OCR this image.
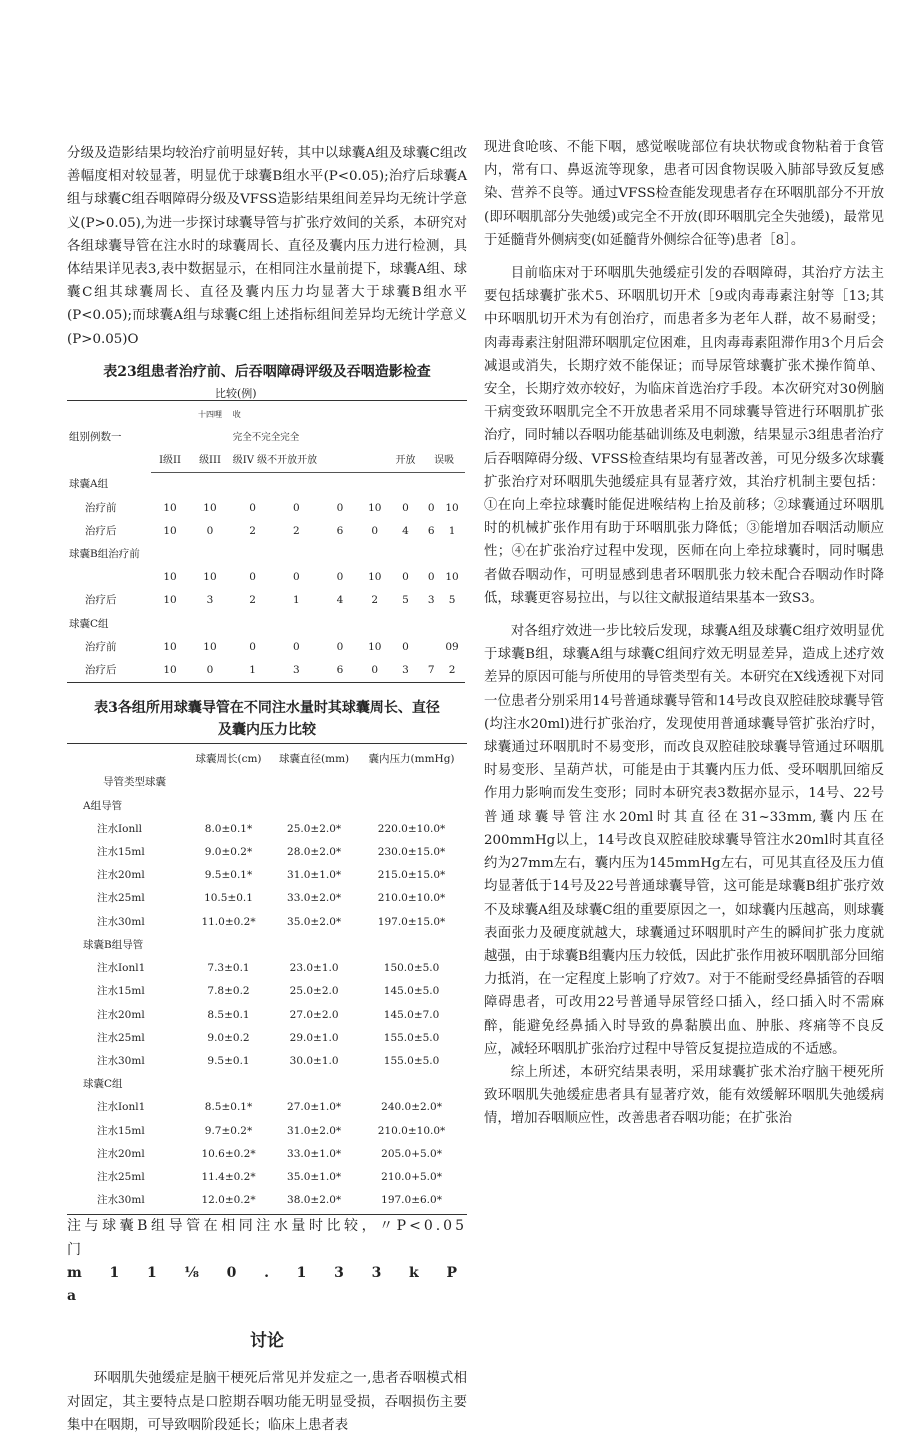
分级及造影结果均较治疗前明显好转，其中以球囊A组及球囊C组改善幅度相对较显著，明显优于球囊B组水平(P<0.05);治疗后球囊A组与球囊C组吞咽障碍分级及VFSS造影结果组间差异均无统计学意义(P>0.05),为进一步探讨球囊导管与扩张疗效间的关系，本研究对各组球囊导管在注水时的球囊周长、直径及囊内压力进行检测，具体结果详见表3,表中数据显示，在相同注水量前提下，球囊A组、球囊C组其球囊周长、直径及囊内压力均显著大于球囊B组水平(P<0.05);而球囊A组与球囊C组上述指标组间差异均无统计学意义(P>0.05)O

表23组患者治疗前、后吞咽障碍评级及吞咽造影检查

比较(例)
组别例数一		十四哩	收						
			完全不完全完全						
	I级II	级III	级IV 级不开放开放				开放	误吸	
球囊A组									
治疗前	10	10	0	0	0	10	0	0	10
治疗后	10	0	2	2	6	0	4	6	1
球囊B组治疗前									
	10	10	0	0	0	10	0	0	10
治疗后	10	3	2	1	4	2	5	3	5
球囊C组									
治疗前	10	10	0	0	0	10	0		09
治疗后	10	0	1	3	6	0	3	7	2

表3各组所用球囊导管在不同注水量时其球囊周长、直径

及囊内压力比较

	球囊周长(cm)	球囊直径(mm)	囊内压力(mmHg)
导管类型球囊			
A组导管			
注水Ionll	8.0±0.1*	25.0±2.0*	220.0±10.0*
注水15ml	9.0±0.2*	28.0±2.0*	230.0±15.0*
注水20ml	9.5±0.1*	31.0±1.0*	215.0±15.0*
注水25ml	10.5±0.1	33.0±2.0*	210.0±10.0*
注水30ml	11.0±0.2*	35.0±2.0*	197.0±15.0*
球囊B组导管			
注水Ionl1	7.3±0.1	23.0±1.0	150.0±5.0
注水15ml	7.8±0.2	25.0±2.0	145.0±5.0
注水20ml	8.5±0.1	27.0±2.0	145.0±7.0
注水25ml	9.0±0.2	29.0±1.0	155.0±5.0
注水30ml	9.5±0.1	30.0±1.0	155.0±5.0
球囊C组			
注水Ionl1	8.5±0.1*	27.0±1.0*	240.0±2.0*
注水15ml	9.7±0.2*	31.0±2.0*	210.0±10.0*
注水20ml	10.6±0.2*	33.0±1.0*	205.0+5.0*
注水25ml	11.4±0.2*	35.0±1.0*	210.0+5.0*
注水30ml	12.0±0.2*	38.0±2.0*	197.0±6.0*

注与球囊B组导管在相同注水量时比较，〃P<0.05门

m 1 1 ⅛ 0 . 1 3 3 k P a

讨论

环咽肌失弛缓症是脑干梗死后常见并发症之一,患者吞咽模式相对固定，其主要特点是口腔期吞咽功能无明显受损，吞咽损伤主要集中在咽期，可导致咽阶段延长；临床上患者表

现进食呛咳、不能下咽，感觉喉咙部位有块状物或食物粘着于食管内，常有口、鼻返流等现象，患者可因食物误吸入肺部导致反复感染、营养不良等。通过VFSS检查能发现患者存在环咽肌部分不开放(即环咽肌部分失弛缓)或完全不开放(即环咽肌完全失弛缓)，最常见于延髓背外侧病变(如延髓背外侧综合征等)患者［8］。

目前临床对于环咽肌失弛缓症引发的吞咽障碍，其治疗方法主要包括球囊扩张术5、环咽肌切开术［9或肉毒毒素注射等［13;其中环咽肌切开术为有创治疗，而患者多为老年人群，故不易耐受；肉毒毒素注射阻滞环咽肌定位困难，且肉毒毒素阻滞作用3个月后会减退或消失，长期疗效不能保证；而导尿管球囊扩张术操作简单、安全，长期疗效亦较好，为临床首选治疗手段。本次研究对30例脑干病变致环咽肌完全不开放患者采用不同球囊导管进行环咽肌扩张治疗，同时辅以吞咽功能基础训练及电刺激，结果显示3组患者治疗后吞咽障碍分级、VFSS检查结果均有显著改善，可见分级多次球囊扩张治疗对环咽肌失弛缓症具有显著疗效，其治疗机制主要包括：①在向上牵拉球囊时能促进喉结构上抬及前移；②球囊通过环咽肌时的机械扩张作用有助于环咽肌张力降低；③能增加吞咽活动顺应性；④在扩张治疗过程中发现，医师在向上牵拉球囊时，同时嘱患者做吞咽动作，可明显感到患者环咽肌张力较未配合吞咽动作时降低，球囊更容易拉出，与以往文献报道结果基本一致S3。

对各组疗效进一步比较后发现，球囊A组及球囊C组疗效明显优于球囊B组，球囊A组与球囊C组间疗效无明显差异，造成上述疗效差异的原因可能与所使用的导管类型有关。本研究在X线透视下对同一位患者分别采用14号普通球囊导管和14号改良双腔硅胶球囊导管(均注水20ml)进行扩张治疗，发现使用普通球囊导管扩张治疗时，球囊通过环咽肌时不易变形，而改良双腔硅胶球囊导管通过环咽肌时易变形、呈葫芦状，可能是由于其囊内压力低、受环咽肌回缩反作用力影响而发生变形；同时本研究表3数据亦显示，14号、22号普通球囊导管注水20ml时其直径在31~33mm,囊内压在200mmHg以上，14号改良双腔硅胶球囊导管注水20ml时其直径约为27mm左右，囊内压为145mmHg左右，可见其直径及压力值均显著低于14号及22号普通球囊导管，这可能是球囊B组扩张疗效不及球囊A组及球囊C组的重要原因之一，如球囊内压越高，则球囊表面张力及硬度就越大，球囊通过环咽肌时产生的瞬间扩张力度就越强，由于球囊B组囊内压力较低，因此扩张作用被环咽肌部分回缩力抵消，在一定程度上影响了疗效7。对于不能耐受经鼻插管的吞咽障碍患者，可改用22号普通导尿管经口插入，经口插入时不需麻醉，能避免经鼻插入时导致的鼻黏膜出血、肿胀、疼痛等不良反应，减轻环咽肌扩张治疗过程中导管反复提拉造成的不适感。

综上所述，本研究结果表明，采用球囊扩张术治疗脑干梗死所致环咽肌失弛缓症患者具有显著疗效，能有效缓解环咽肌失弛缓病情，增加吞咽顺应性，改善患者吞咽功能；在扩张治
